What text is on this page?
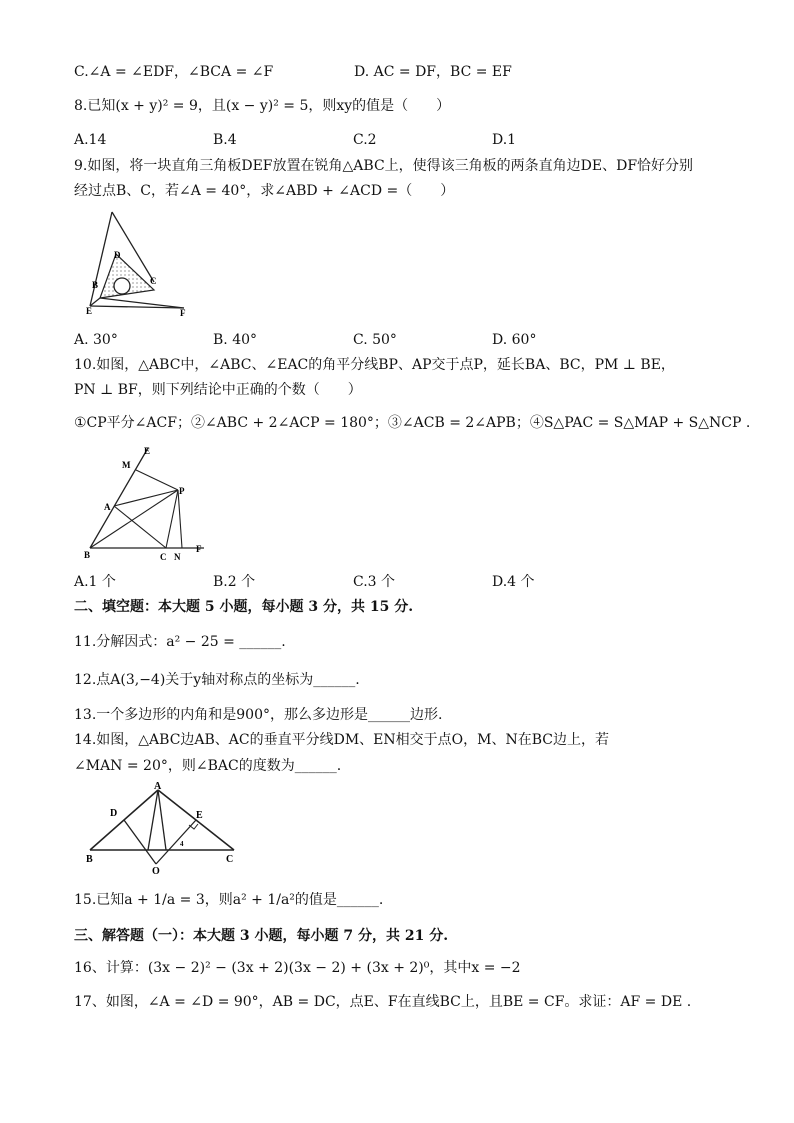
C.∠A = ∠EDF，∠BCA = ∠F	D. AC = DF，BC = EF
8.已知(x + y)² = 9，且(x − y)² = 5，则xy的值是（　　）
A.14	B.4	C.2	D.1
9.如图，将一块直角三角板DEF放置在锐角△ABC上，使得该三角板的两条直角边DE、DF恰好分别
经过点B、C，若∠A = 40°，求∠ABD + ∠ACD =（　　）
D
B	C
E	F
A. 30°	B. 40°	C. 50°	D. 60°
10.如图，△ABC中，∠ABC、∠EAC的角平分线BP、AP交于点P，延长BA、BC，PM ⊥ BE，
PN ⊥ BF，则下列结论中正确的个数（　　）
①CP平分∠ACF；②∠ABC + 2∠ACP = 180°；③∠ACB = 2∠APB；④S△PAC = S△MAP + S△NCP .
M
E
P
A
B	C N
F
A.1 个	B.2 个	C.3 个	D.4 个
二、填空题：本大题 5 小题，每小题 3 分，共 15 分.
11.分解因式：a² − 25 = ______.
12.点A(3,−4)关于y轴对称点的坐标为______.
13.一个多边形的内角和是900°，那么多边形是______边形.
14.如图，△ABC边AB、AC的垂直平分线DM、EN相交于点O，M、N在BC边上，若
∠MAN = 20°，则∠BAC的度数为______.
A
D	E
B	C
O
4
15.已知a + 1/a = 3，则a² + 1/a²的值是______.
三、解答题（一）：本大题 3 小题，每小题 7 分，共 21 分.
16、计算：(3x − 2)² − (3x + 2)(3x − 2) + (3x + 2)⁰，其中x = −2
17、如图，∠A = ∠D = 90°，AB = DC，点E、F在直线BC上，且BE = CF。求证：AF = DE .
